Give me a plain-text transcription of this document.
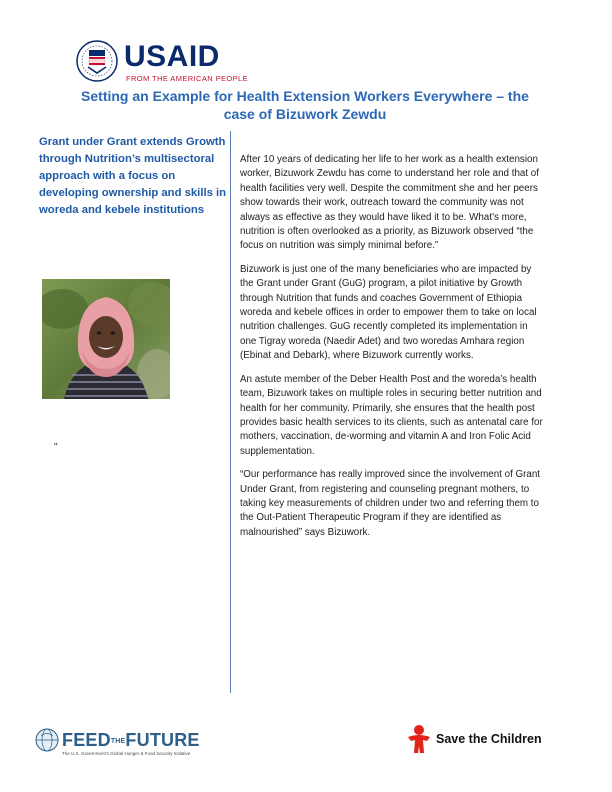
USAID
FROM THE AMERICAN PEOPLE
Setting an Example for Health Extension Workers Everywhere – the case of Bizuwork Zewdu

Grant under Grant extends Growth through Nutrition’s multisectoral approach with a focus on developing ownership and skills in woreda and kebele institutions

“

After 10 years of dedicating her life to her work as a health extension worker, Bizuwork Zewdu has come to understand her role and that of health facilities very well. Despite the commitment she and her peers show towards their work, outreach toward the community was not always as effective as they would have liked it to be. What’s more, nutrition is often overlooked as a priority, as Bizuwork observed “the focus on nutrition was simply minimal before.”

Bizuwork is just one of the many beneficiaries who are impacted by the Grant under Grant (GuG) program, a pilot initiative by Growth through Nutrition that funds and coaches Government of Ethiopia woreda and kebele offices in order to empower them to take on local nutrition challenges. GuG recently completed its implementation in one Tigray woreda (Naedir Adet) and two woredas Amhara region (Ebinat and Debark), where Bizuwork currently works.

An astute member of the Deber Health Post and the woreda’s health team, Bizuwork takes on multiple roles in securing better nutrition and health for her community. Primarily, she ensures that the health post provides basic health services to its clients, such as antenatal care for mothers, vaccination, de-worming and vitamin A and Iron Folic Acid supplementation.

“Our performance has really improved since the involvement of Grant Under Grant, from registering and counseling pregnant mothers, to taking key measurements of children under two and referring them to the Out-Patient Therapeutic Program if they are identified as malnourished” says Bizuwork.

FEEDTHEFUTURE
The U.S. Government’s Global Hunger & Food Security Initiative
Save the Children
